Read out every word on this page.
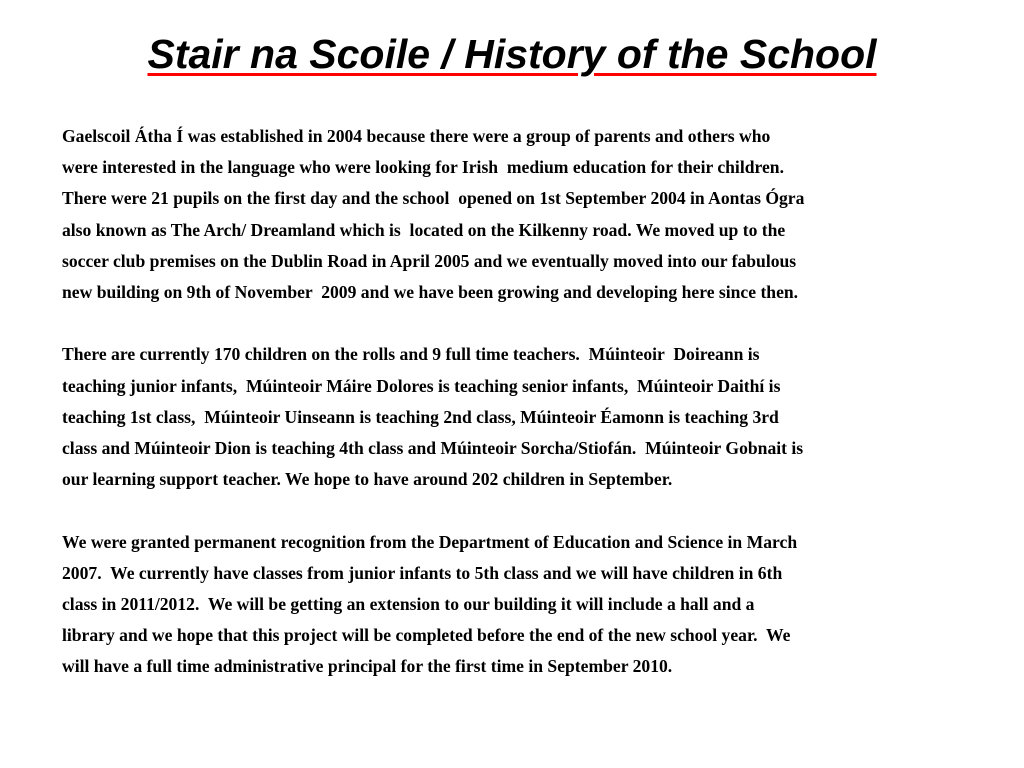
Stair na Scoile / History of the School

Gaelscoil Átha Í was established in 2004 because there were a group of parents and others who
were interested in the language who were looking for Irish  medium education for their children.
There were 21 pupils on the first day and the school  opened on 1st September 2004 in Aontas Ógra
also known as The Arch/ Dreamland which is  located on the Kilkenny road. We moved up to the
soccer club premises on the Dublin Road in April 2005 and we eventually moved into our fabulous
new building on 9th of November  2009 and we have been growing and developing here since then.

There are currently 170 children on the rolls and 9 full time teachers.  Múinteoir  Doireann is
teaching junior infants,  Múinteoir Máire Dolores is teaching senior infants,  Múinteoir Daithí is
teaching 1st class,  Múinteoir Uinseann is teaching 2nd class, Múinteoir Éamonn is teaching 3rd
class and Múinteoir Dion is teaching 4th class and Múinteoir Sorcha/Stiofán.  Múinteoir Gobnait is
our learning support teacher. We hope to have around 202 children in September.

We were granted permanent recognition from the Department of Education and Science in March
2007.  We currently have classes from junior infants to 5th class and we will have children in 6th
class in 2011/2012.  We will be getting an extension to our building it will include a hall and a
library and we hope that this project will be completed before the end of the new school year.  We
will have a full time administrative principal for the first time in September 2010.
